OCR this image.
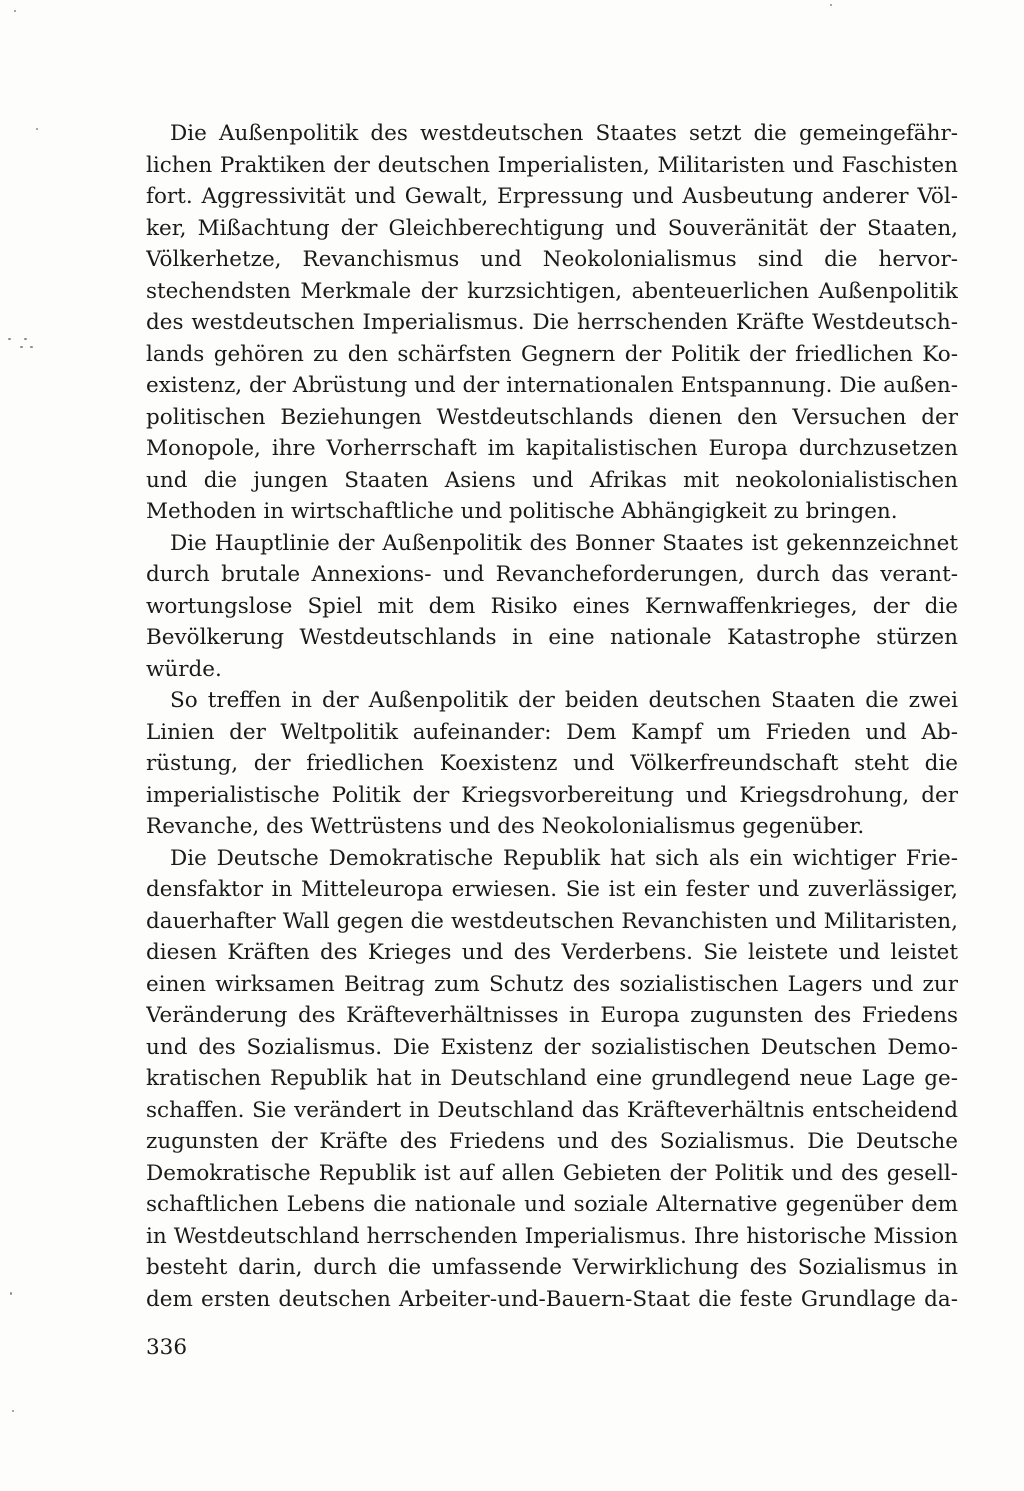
Die Außenpolitik des westdeutschen Staates setzt die gemeingefähr-
lichen Praktiken der deutschen Imperialisten, Militaristen und Faschisten
fort. Aggressivität und Gewalt, Erpressung und Ausbeutung anderer Völ-
ker, Mißachtung der Gleichberechtigung und Souveränität der Staaten,
Völkerhetze, Revanchismus und Neokolonialismus sind die hervor-
stechendsten Merkmale der kurzsichtigen, abenteuerlichen Außenpolitik
des westdeutschen Imperialismus. Die herrschenden Kräfte Westdeutsch-
lands gehören zu den schärfsten Gegnern der Politik der friedlichen Ko-
existenz, der Abrüstung und der internationalen Entspannung. Die außen-
politischen Beziehungen Westdeutschlands dienen den Versuchen der
Monopole, ihre Vorherrschaft im kapitalistischen Europa durchzusetzen
und die jungen Staaten Asiens und Afrikas mit neokolonialistischen
Methoden in wirtschaftliche und politische Abhängigkeit zu bringen.
Die Hauptlinie der Außenpolitik des Bonner Staates ist gekennzeichnet
durch brutale Annexions- und Revancheforderungen, durch das verant-
wortungslose Spiel mit dem Risiko eines Kernwaffenkrieges, der die
Bevölkerung Westdeutschlands in eine nationale Katastrophe stürzen
würde.
So treffen in der Außenpolitik der beiden deutschen Staaten die zwei
Linien der Weltpolitik aufeinander: Dem Kampf um Frieden und Ab-
rüstung, der friedlichen Koexistenz und Völkerfreundschaft steht die
imperialistische Politik der Kriegsvorbereitung und Kriegsdrohung, der
Revanche, des Wettrüstens und des Neokolonialismus gegenüber.
Die Deutsche Demokratische Republik hat sich als ein wichtiger Frie-
densfaktor in Mitteleuropa erwiesen. Sie ist ein fester und zuverlässiger,
dauerhafter Wall gegen die westdeutschen Revanchisten und Militaristen,
diesen Kräften des Krieges und des Verderbens. Sie leistete und leistet
einen wirksamen Beitrag zum Schutz des sozialistischen Lagers und zur
Veränderung des Kräfteverhältnisses in Europa zugunsten des Friedens
und des Sozialismus. Die Existenz der sozialistischen Deutschen Demo-
kratischen Republik hat in Deutschland eine grundlegend neue Lage ge-
schaffen. Sie verändert in Deutschland das Kräfteverhältnis entscheidend
zugunsten der Kräfte des Friedens und des Sozialismus. Die Deutsche
Demokratische Republik ist auf allen Gebieten der Politik und des gesell-
schaftlichen Lebens die nationale und soziale Alternative gegenüber dem
in Westdeutschland herrschenden Imperialismus. Ihre historische Mission
besteht darin, durch die umfassende Verwirklichung des Sozialismus in
dem ersten deutschen Arbeiter-und-Bauern-Staat die feste Grundlage da-
336
